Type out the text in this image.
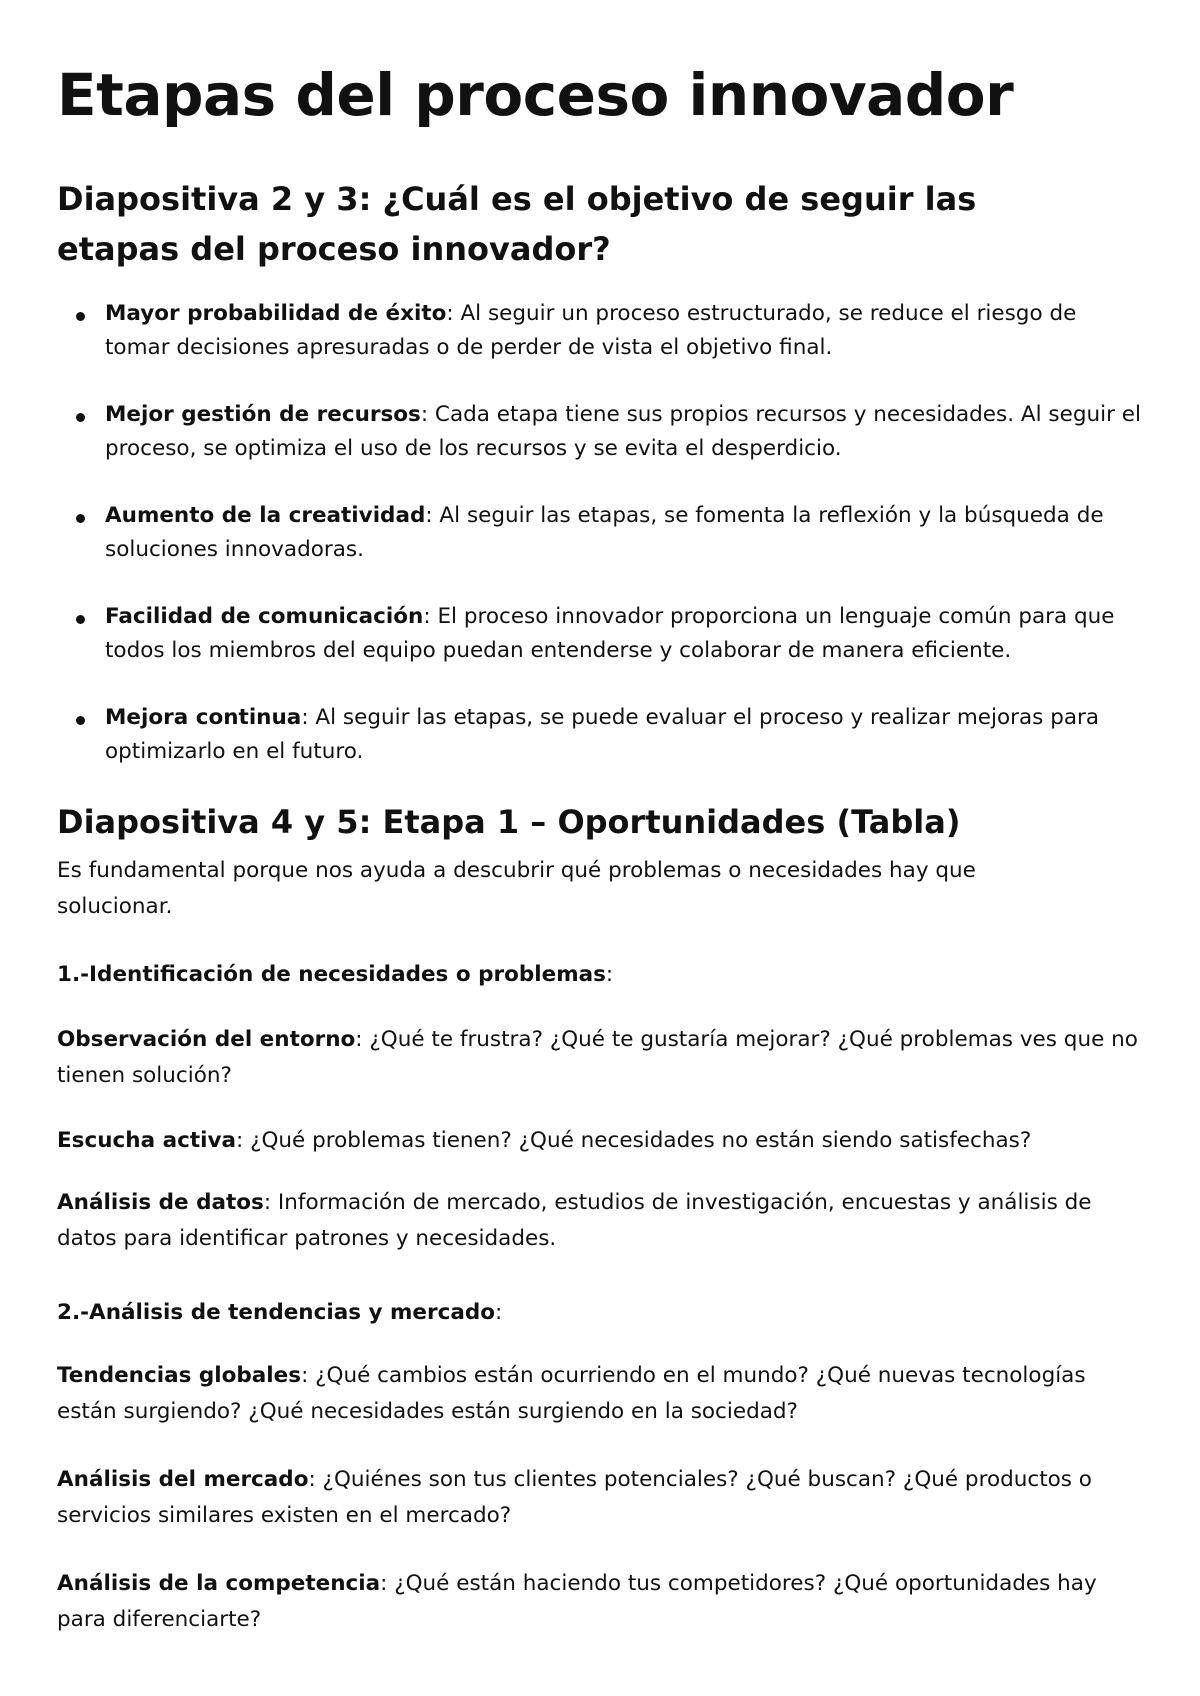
Etapas del proceso innovador
Diapositiva 2 y 3: ¿Cuál es el objetivo de seguir las etapas del proceso innovador?
Mayor probabilidad de éxito: Al seguir un proceso estructurado, se reduce el riesgo de tomar decisiones apresuradas o de perder de vista el objetivo final.
Mejor gestión de recursos: Cada etapa tiene sus propios recursos y necesidades. Al seguir el proceso, se optimiza el uso de los recursos y se evita el desperdicio.
Aumento de la creatividad: Al seguir las etapas, se fomenta la reflexión y la búsqueda de soluciones innovadoras.
Facilidad de comunicación: El proceso innovador proporciona un lenguaje común para que todos los miembros del equipo puedan entenderse y colaborar de manera eficiente.
Mejora continua: Al seguir las etapas, se puede evaluar el proceso y realizar mejoras para optimizarlo en el futuro.
Diapositiva 4 y 5: Etapa 1 – Oportunidades (Tabla)

Es fundamental porque nos ayuda a descubrir qué problemas o necesidades hay que solucionar.

1.-Identificación de necesidades o problemas:

Observación del entorno: ¿Qué te frustra? ¿Qué te gustaría mejorar? ¿Qué problemas ves que no tienen solución?

Escucha activa: ¿Qué problemas tienen? ¿Qué necesidades no están siendo satisfechas?

Análisis de datos: Información de mercado, estudios de investigación, encuestas y análisis de datos para identificar patrones y necesidades.

2.-Análisis de tendencias y mercado:

Tendencias globales: ¿Qué cambios están ocurriendo en el mundo? ¿Qué nuevas tecnologías están surgiendo? ¿Qué necesidades están surgiendo en la sociedad?

Análisis del mercado: ¿Quiénes son tus clientes potenciales? ¿Qué buscan? ¿Qué productos o servicios similares existen en el mercado?

Análisis de la competencia: ¿Qué están haciendo tus competidores? ¿Qué oportunidades hay para diferenciarte?
